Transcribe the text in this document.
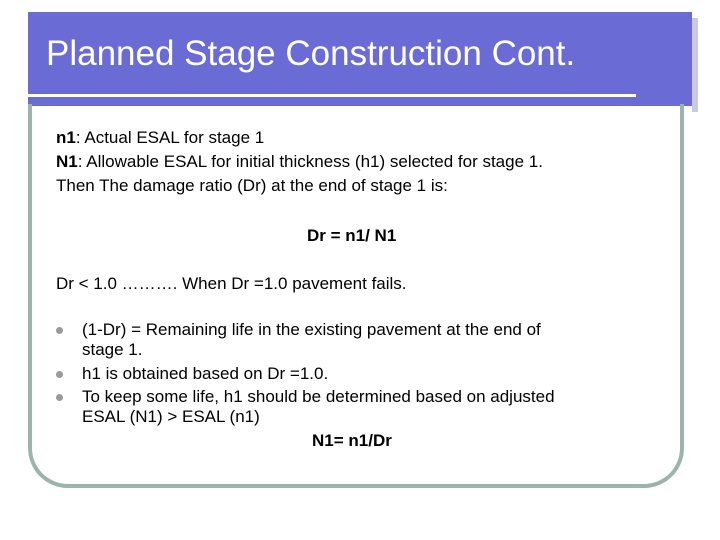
Planned Stage Construction Cont.
n1: Actual ESAL for stage 1
N1: Allowable ESAL for initial thickness (h1) selected for stage 1.
Then The damage ratio (Dr) at the end of stage 1 is:
Dr = n1/ N1
Dr < 1.0 ………. When Dr =1.0 pavement fails.
(1-Dr) = Remaining life in the existing pavement at the end of
stage 1.
h1 is obtained based on Dr =1.0.
To keep some life, h1 should be determined based on adjusted
ESAL (N1) > ESAL (n1)
N1= n1/Dr
